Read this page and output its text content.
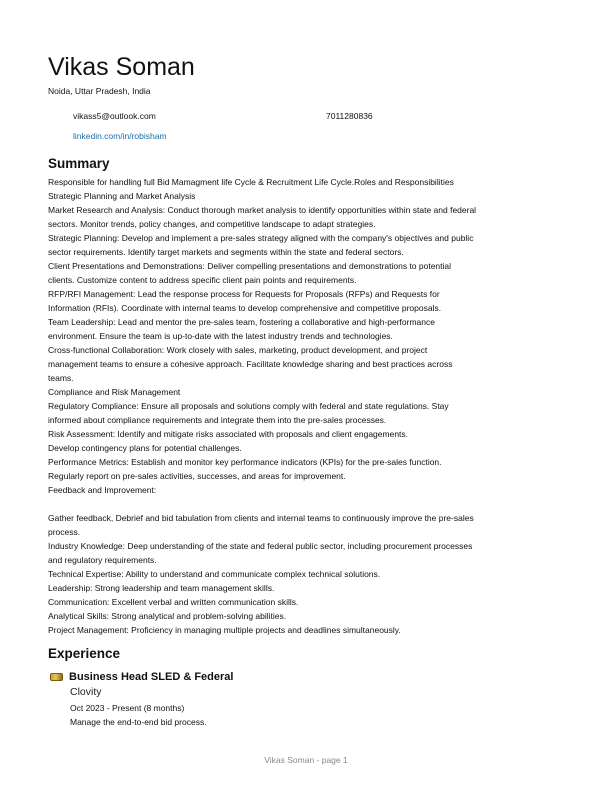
Vikas Soman
Noida, Uttar Pradesh, India
vikass5@outlook.com	7011280836
linkedin.com/in/robisham
Summary
Responsible for handling full Bid Mamagment life Cycle & Recruitment Life Cycle.Roles and Responsibilities
Strategic Planning and Market Analysis
Market Research and Analysis: Conduct thorough market analysis to identify opportunities within state and federal
sectors. Monitor trends, policy changes, and competitive landscape to adapt strategies.
Strategic Planning: Develop and implement a pre-sales strategy aligned with the company's objectives and public
sector requirements. Identify target markets and segments within the state and federal sectors.
Client Presentations and Demonstrations: Deliver compelling presentations and demonstrations to potential
clients. Customize content to address specific client pain points and requirements.
RFP/RFI Management: Lead the response process for Requests for Proposals (RFPs) and Requests for
Information (RFIs). Coordinate with internal teams to develop comprehensive and competitive proposals.
Team Leadership: Lead and mentor the pre-sales team, fostering a collaborative and high-performance
environment. Ensure the team is up-to-date with the latest industry trends and technologies.
Cross-functional Collaboration: Work closely with sales, marketing, product development, and project
management teams to ensure a cohesive approach. Facilitate knowledge sharing and best practices across
teams.
Compliance and Risk Management
Regulatory Compliance: Ensure all proposals and solutions comply with federal and state regulations. Stay
informed about compliance requirements and integrate them into the pre-sales processes.
Risk Assessment: Identify and mitigate risks associated with proposals and client engagements.
Develop contingency plans for potential challenges.
Performance Metrics: Establish and monitor key performance indicators (KPIs) for the pre-sales function.
Regularly report on pre-sales activities, successes, and areas for improvement.
Feedback and Improvement:
Gather feedback, Debrief and bid tabulation from clients and internal teams to continuously improve the pre-sales
process.
Industry Knowledge: Deep understanding of the state and federal public sector, including procurement processes
and regulatory requirements.
Technical Expertise: Ability to understand and communicate complex technical solutions.
Leadership: Strong leadership and team management skills.
Communication: Excellent verbal and written communication skills.
Analytical Skills: Strong analytical and problem-solving abilities.
Project Management: Proficiency in managing multiple projects and deadlines simultaneously.
Experience
Business Head SLED & Federal
Clovity
Oct 2023 - Present (8 months)
Manage the end-to-end bid process.
Vikas Soman - page 1
